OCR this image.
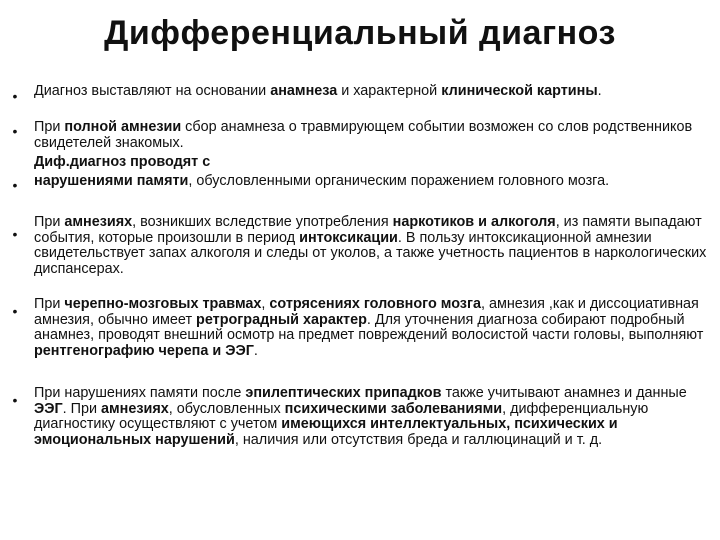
Дифференциальный диагноз
•	Диагноз выставляют на основании анамнеза и характерной клинической картины.

•	При полной амнезии сбор анамнеза о травмирующем событии возможен со слов родственников свидетелей знакомых.

Диф.диагноз проводят с

•	нарушениями памяти, обусловленными органическим поражением головного мозга.

•

При амнезиях, возникших вследствие употребления наркотиков и алкоголя, из памяти выпадают события, которые произошли в период интоксикации. В пользу интоксикационной амнезии свидетельствует запах алкоголя и следы от уколов, а также учетность пациентов в наркологических диспансерах.

•	При черепно-мозговых травмах, сотрясениях головного мозга, амнезия ,как и диссоциативная амнезия, обычно имеет ретроградный характер. Для уточнения диагноза собирают подробный анамнез, проводят внешний осмотр на предмет повреждений волосистой части головы, выполняют рентгенографию черепа и ЭЭГ.

•	При нарушениях памяти после эпилептических припадков также учитывают анамнез и данные ЭЭГ. При амнезиях, обусловленных психическими заболеваниями, дифференциальную диагностику осуществляют с учетом имеющихся интеллектуальных, психических и эмоциональных нарушений, наличия или отсутствия бреда и галлюцинаций и т. д.
